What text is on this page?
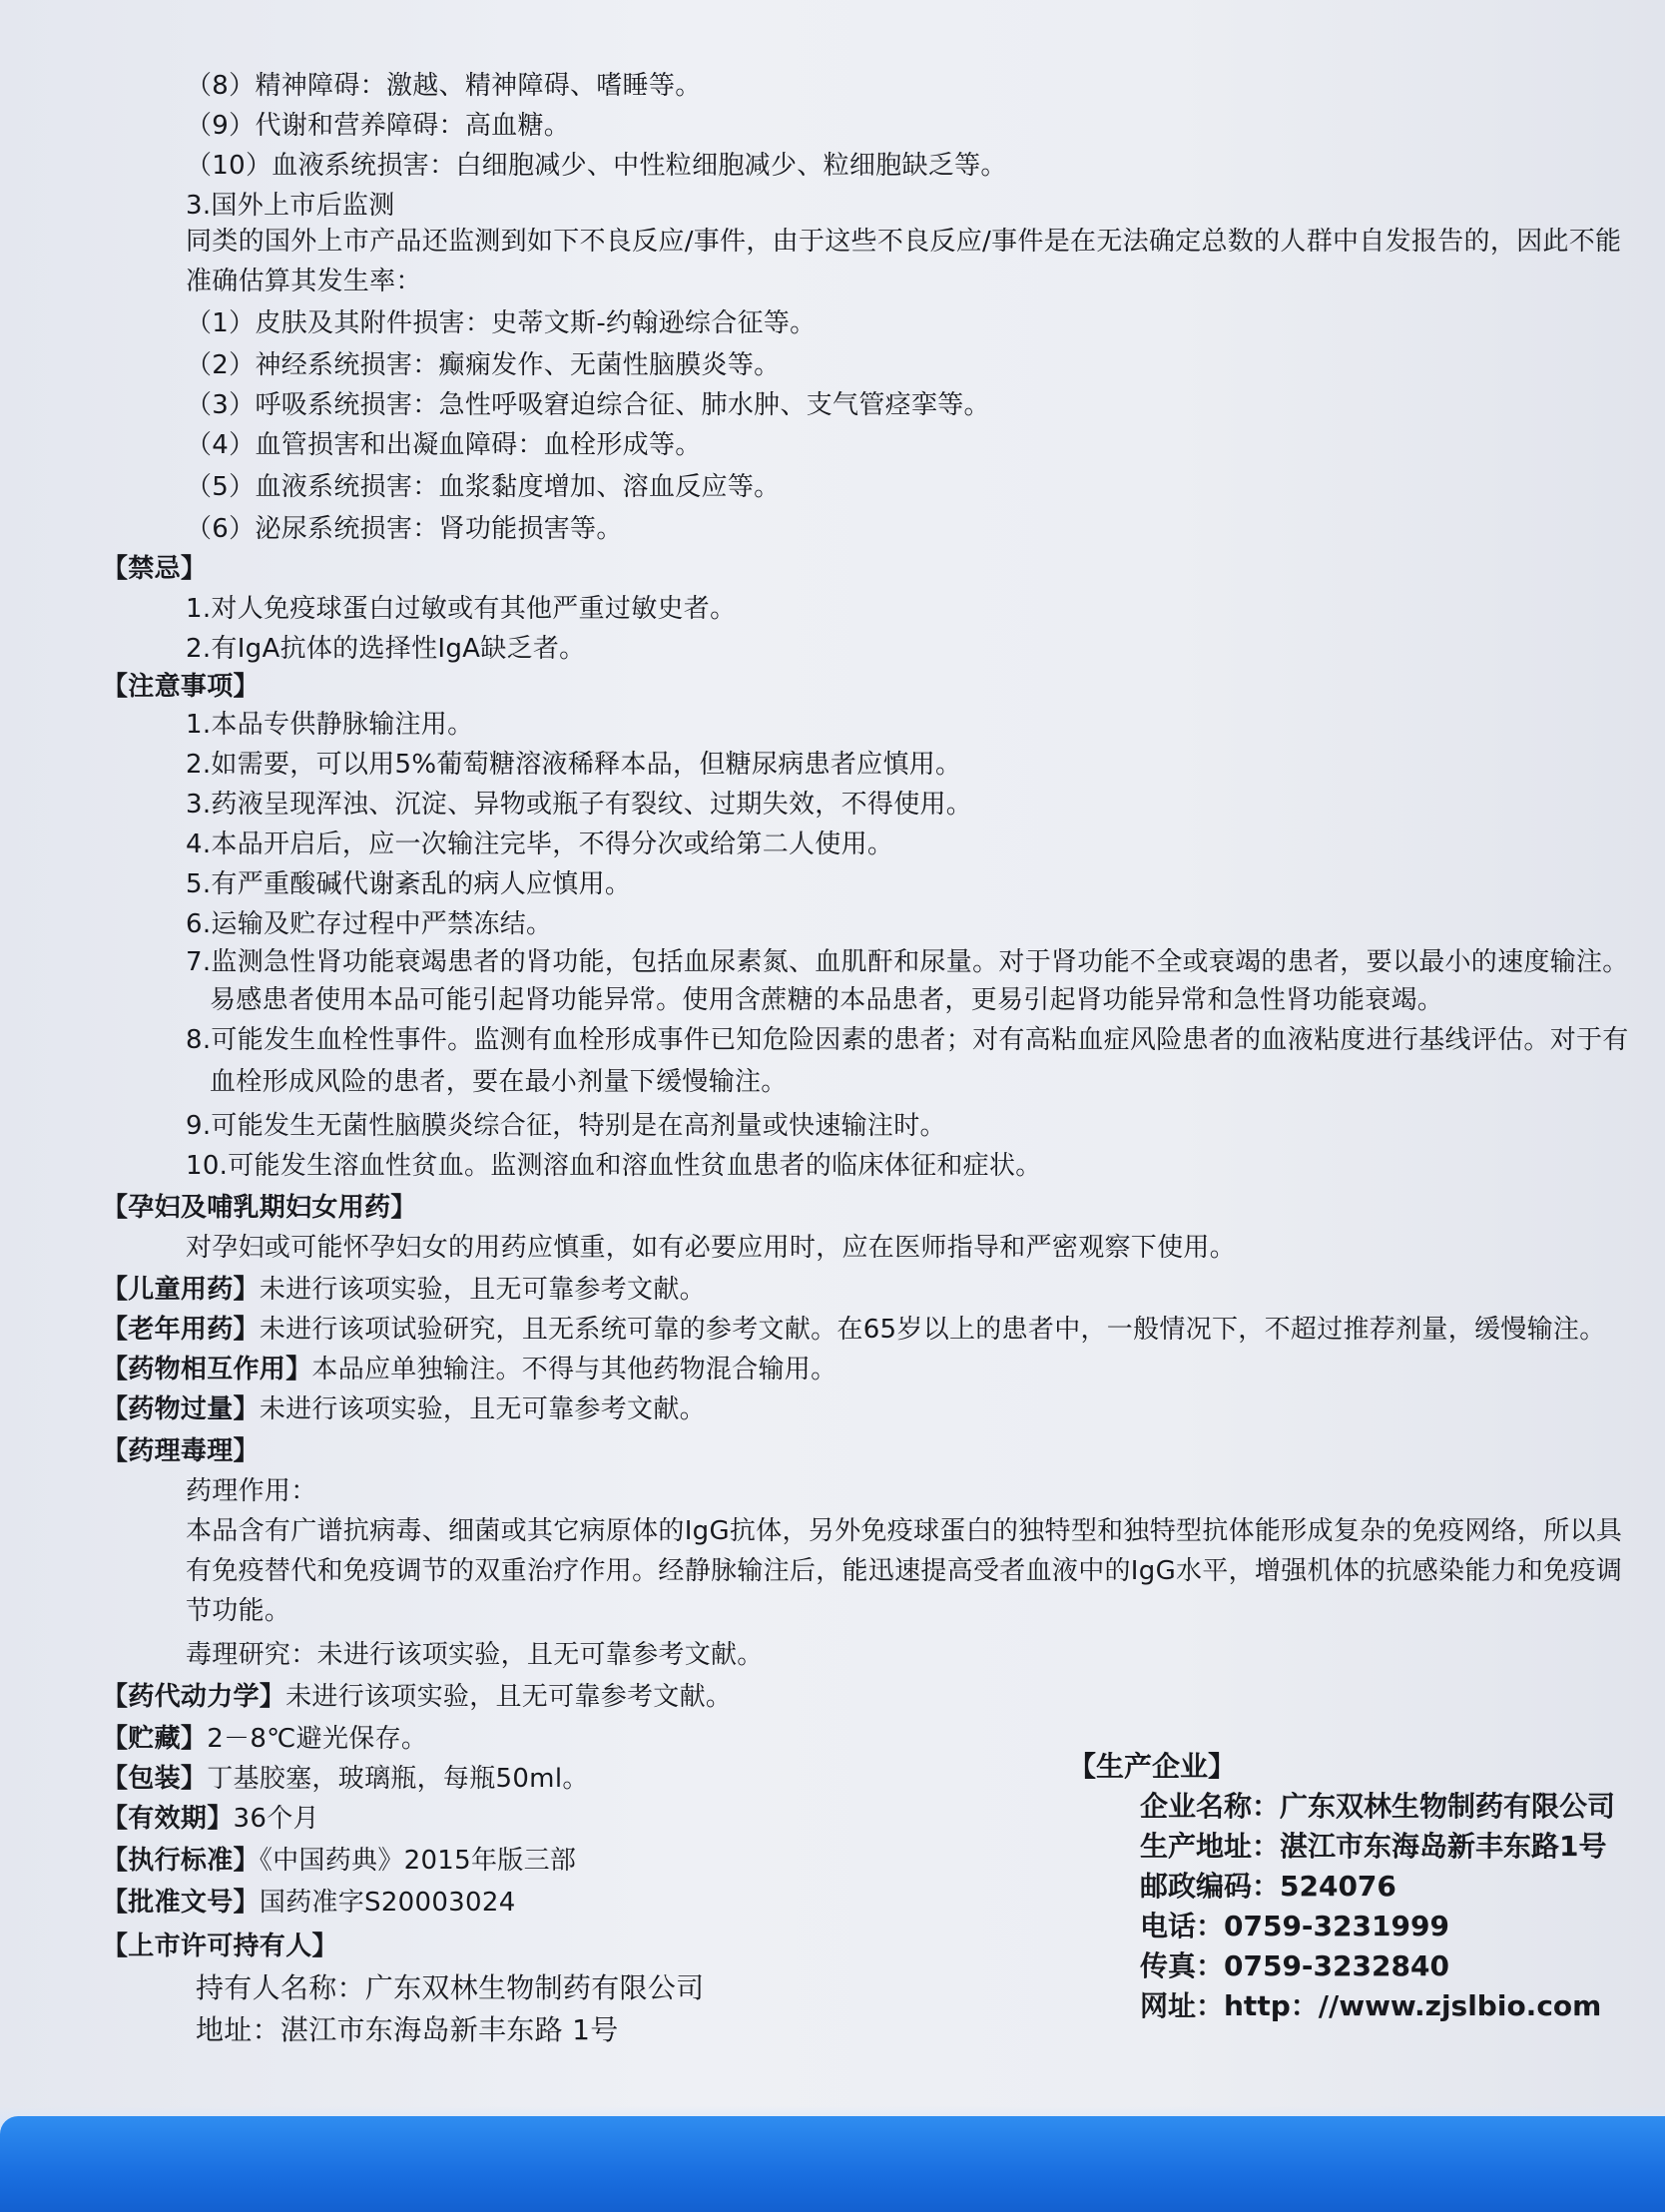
（8）精神障碍：激越、精神障碍、嗜睡等。
（9）代谢和营养障碍：高血糖。
（10）血液系统损害：白细胞减少、中性粒细胞减少、粒细胞缺乏等。
3.国外上市后监测
同类的国外上市产品还监测到如下不良反应/事件，由于这些不良反应/事件是在无法确定总数的人群中自发报告的，因此不能
准确估算其发生率：
（1）皮肤及其附件损害：史蒂文斯-约翰逊综合征等。
（2）神经系统损害：癫痫发作、无菌性脑膜炎等。
（3）呼吸系统损害：急性呼吸窘迫综合征、肺水肿、支气管痉挛等。
（4）血管损害和出凝血障碍：血栓形成等。
（5）血液系统损害：血浆黏度增加、溶血反应等。
（6）泌尿系统损害：肾功能损害等。
【禁忌】
1.对人免疫球蛋白过敏或有其他严重过敏史者。
2.有IgA抗体的选择性IgA缺乏者。
【注意事项】
1.本品专供静脉输注用。
2.如需要，可以用5%葡萄糖溶液稀释本品，但糖尿病患者应慎用。
3.药液呈现浑浊、沉淀、异物或瓶子有裂纹、过期失效，不得使用。
4.本品开启后，应一次输注完毕，不得分次或给第二人使用。
5.有严重酸碱代谢紊乱的病人应慎用。
6.运输及贮存过程中严禁冻结。
7.监测急性肾功能衰竭患者的肾功能，包括血尿素氮、血肌酐和尿量。对于肾功能不全或衰竭的患者，要以最小的速度输注。
易感患者使用本品可能引起肾功能异常。使用含蔗糖的本品患者，更易引起肾功能异常和急性肾功能衰竭。
8.可能发生血栓性事件。监测有血栓形成事件已知危险因素的患者；对有高粘血症风险患者的血液粘度进行基线评估。对于有
血栓形成风险的患者，要在最小剂量下缓慢输注。
9.可能发生无菌性脑膜炎综合征，特别是在高剂量或快速输注时。
10.可能发生溶血性贫血。监测溶血和溶血性贫血患者的临床体征和症状。
【孕妇及哺乳期妇女用药】
对孕妇或可能怀孕妇女的用药应慎重，如有必要应用时，应在医师指导和严密观察下使用。
【儿童用药】未进行该项实验，且无可靠参考文献。
【老年用药】未进行该项试验研究，且无系统可靠的参考文献。在65岁以上的患者中，一般情况下，不超过推荐剂量，缓慢输注。
【药物相互作用】本品应单独输注。不得与其他药物混合输用。
【药物过量】未进行该项实验，且无可靠参考文献。
【药理毒理】
药理作用：
本品含有广谱抗病毒、细菌或其它病原体的IgG抗体，另外免疫球蛋白的独特型和独特型抗体能形成复杂的免疫网络，所以具
有免疫替代和免疫调节的双重治疗作用。经静脉输注后，能迅速提高受者血液中的IgG水平，增强机体的抗感染能力和免疫调
节功能。
毒理研究：未进行该项实验，且无可靠参考文献。
【药代动力学】未进行该项实验，且无可靠参考文献。
【贮藏】2－8℃避光保存。
【包装】丁基胶塞，玻璃瓶，每瓶50ml。
【有效期】36个月
【执行标准】《中国药典》2015年版三部
【批准文号】国药准字S20003024
【上市许可持有人】
持有人名称：广东双林生物制药有限公司
地址：湛江市东海岛新丰东路 1号
【生产企业】
企业名称：广东双林生物制药有限公司
生产地址：湛江市东海岛新丰东路1号
邮政编码：524076
电话：0759-3231999
传真：0759-3232840
网址：http：//www.zjslbio.com
